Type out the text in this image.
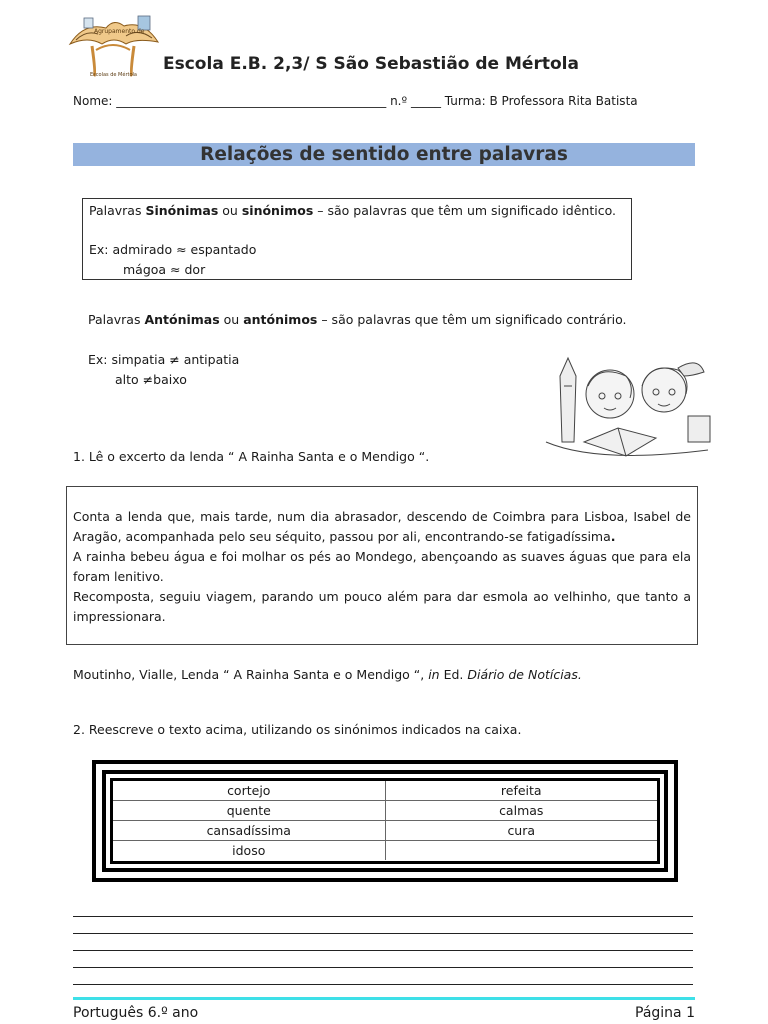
Agrupamento de
Escolas de Mértola
Escola E.B. 2,3/ S São Sebastião de Mértola
Nome: _____________________________________________ n.º _____ Turma: B Professora Rita Batista
Relações de sentido entre palavras
Palavras Sinónimas ou sinónimos – são palavras que têm um significado idêntico.
Ex: admirado ≈ espantado
mágoa ≈ dor
Palavras Antónimas ou antónimos – são palavras que têm um significado contrário.
Ex: simpatia ≠ antipatia
alto ≠baixo
1. Lê o excerto da lenda “ A Rainha Santa e o Mendigo “.
Conta a lenda que, mais tarde, num dia abrasador, descendo de Coimbra para Lisboa, Isabel de Aragão, acompanhada pelo seu séquito, passou por ali, encontrando-se fatigadíssima.
A rainha bebeu água e foi molhar os pés ao Mondego, abençoando as suaves águas que para ela foram lenitivo.
Recomposta, seguiu viagem, parando um pouco além para dar esmola ao velhinho, que tanto a impressionara.
Moutinho, Vialle, Lenda “ A Rainha Santa e o Mendigo “, in Ed. Diário de Notícias.
2. Reescreve o texto acima, utilizando os sinónimos indicados na caixa.
cortejo	refeita
quente	calmas
cansadíssima	cura
idoso	
Português 6.º ano	Página 1
